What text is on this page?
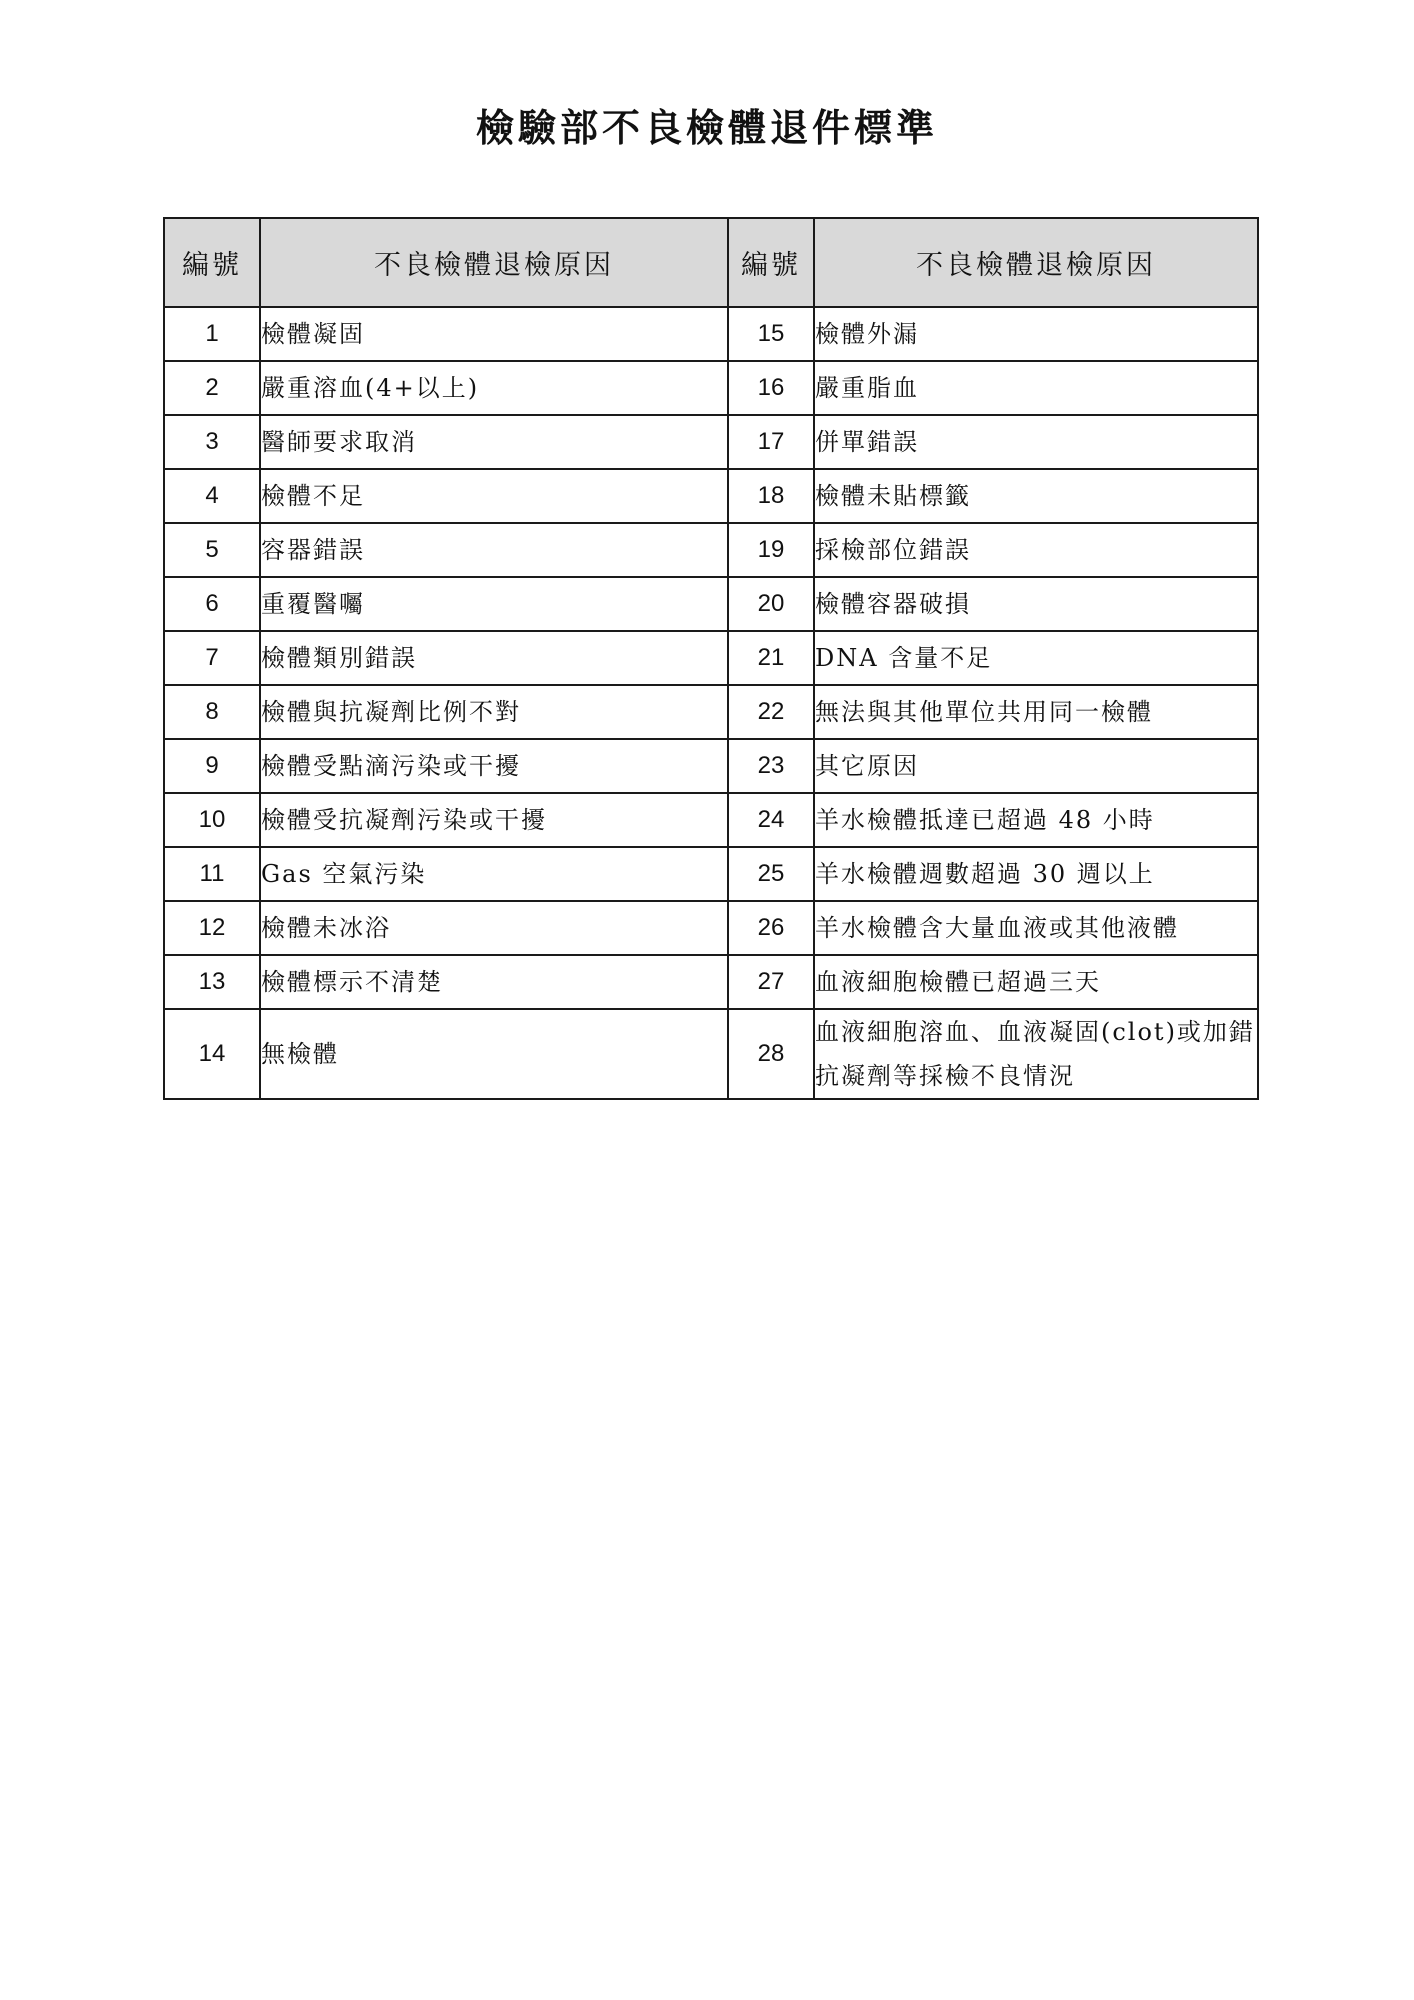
檢驗部不良檢體退件標準
編號	不良檢體退檢原因	編號	不良檢體退檢原因
1	檢體凝固	15	檢體外漏
2	嚴重溶血(4+以上)	16	嚴重脂血
3	醫師要求取消	17	併單錯誤
4	檢體不足	18	檢體未貼標籤
5	容器錯誤	19	採檢部位錯誤
6	重覆醫囑	20	檢體容器破損
7	檢體類別錯誤	21	DNA 含量不足
8	檢體與抗凝劑比例不對	22	無法與其他單位共用同一檢體
9	檢體受點滴污染或干擾	23	其它原因
10	檢體受抗凝劑污染或干擾	24	羊水檢體抵達已超過 48 小時
11	Gas 空氣污染	25	羊水檢體週數超過 30 週以上
12	檢體未冰浴	26	羊水檢體含大量血液或其他液體
13	檢體標示不清楚	27	血液細胞檢體已超過三天
14	無檢體	28	血液細胞溶血、血液凝固(clot)或加錯抗凝劑等採檢不良情況
